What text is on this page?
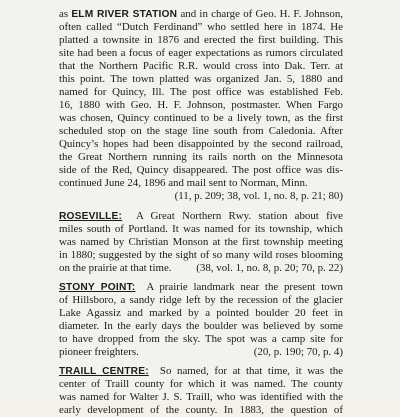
as ELM RIVER STATION and in charge of Geo. H. F. Johnson,
often called “Dutch Ferdinand” who settled here in 1874. He
platted a townsite in 1876 and erected the first building. This
site had been a focus of eager expectations as rumors circulated
that the Northern Pacific R.R. would cross into Dak. Terr. at
this point. The town platted was organized Jan. 5, 1880 and
named for Quincy, Ill. The post office was established Feb.
16, 1880 with Geo. H. F. Johnson, postmaster. When Fargo
was chosen, Quincy continued to be a lively town, as the first
scheduled stop on the stage line south from Caledonia. After
Quincy’s hopes had been disappointed by the second railroad,
the Great Northern running its rails north on the Minnesota
side of the Red, Quincy disappeared. The post office was dis-
continued June 24, 1896 and mail sent to Norman, Minn.
(11, p. 209; 38, vol. 1, no. 8, p. 21; 80)
ROSEVILLE:  A Great Northern Rwy. station about five
miles south of Portland. It was named for its township, which
was named by Christian Monson at the first township meeting
in 1880; suggested by the sight of so many wild roses blooming
on the prairie at that time. (38, vol. 1, no. 8, p. 20; 70, p. 22)
STONY POINT:  A prairie landmark near the present town
of Hillsboro, a sandy ridge left by the recession of the glacier
Lake Agassiz and marked by a pointed boulder 20 feet in
diameter. In the early days the boulder was believed by some
to have dropped from the sky. The spot was a camp site for
pioneer freighters.	(20, p. 190; 70, p. 4)
TRAILL CENTRE:  So named, for at that time, it was the
center of Traill county for which it was named. The county
was named for Walter J. S. Traill, who was identified with the
early development of the county. In 1883, the question of
